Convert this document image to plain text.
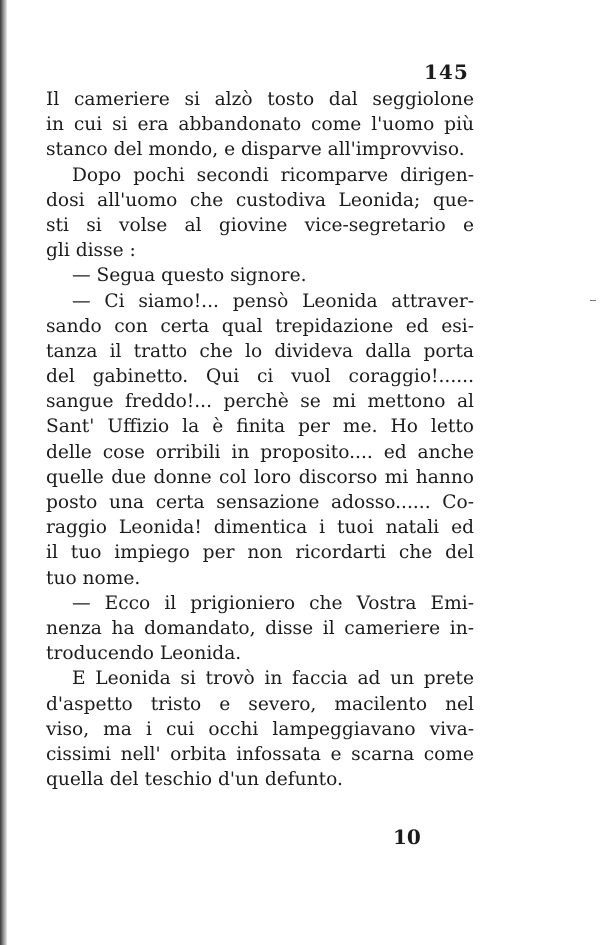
145
Il cameriere si alzò tosto dal seggiolone
in cui si era abbandonato come l'uomo più
stanco del mondo, e disparve all'improvviso.
Dopo pochi secondi ricomparve dirigen-
dosi all'uomo che custodiva Leonida; que-
sti si volse al giovine vice-segretario e
gli disse :
— Segua questo signore.
— Ci siamo!... pensò Leonida attraver-
sando con certa qual trepidazione ed esi-
tanza il tratto che lo divideva dalla porta
del gabinetto. Qui ci vuol coraggio!......
sangue freddo!... perchè se mi mettono al
Sant' Uffizio la è finita per me. Ho letto
delle cose orribili in proposito.... ed anche
quelle due donne col loro discorso mi hanno
posto una certa sensazione adosso...... Co-
raggio Leonida! dimentica i tuoi natali ed
il tuo impiego per non ricordarti che del
tuo nome.
— Ecco il prigioniero che Vostra Emi-
nenza ha domandato, disse il cameriere in-
troducendo Leonida.
E Leonida si trovò in faccia ad un prete
d'aspetto tristo e severo, macilento nel
viso, ma i cui occhi lampeggiavano viva-
cissimi nell' orbita infossata e scarna come
quella del teschio d'un defunto.
10
